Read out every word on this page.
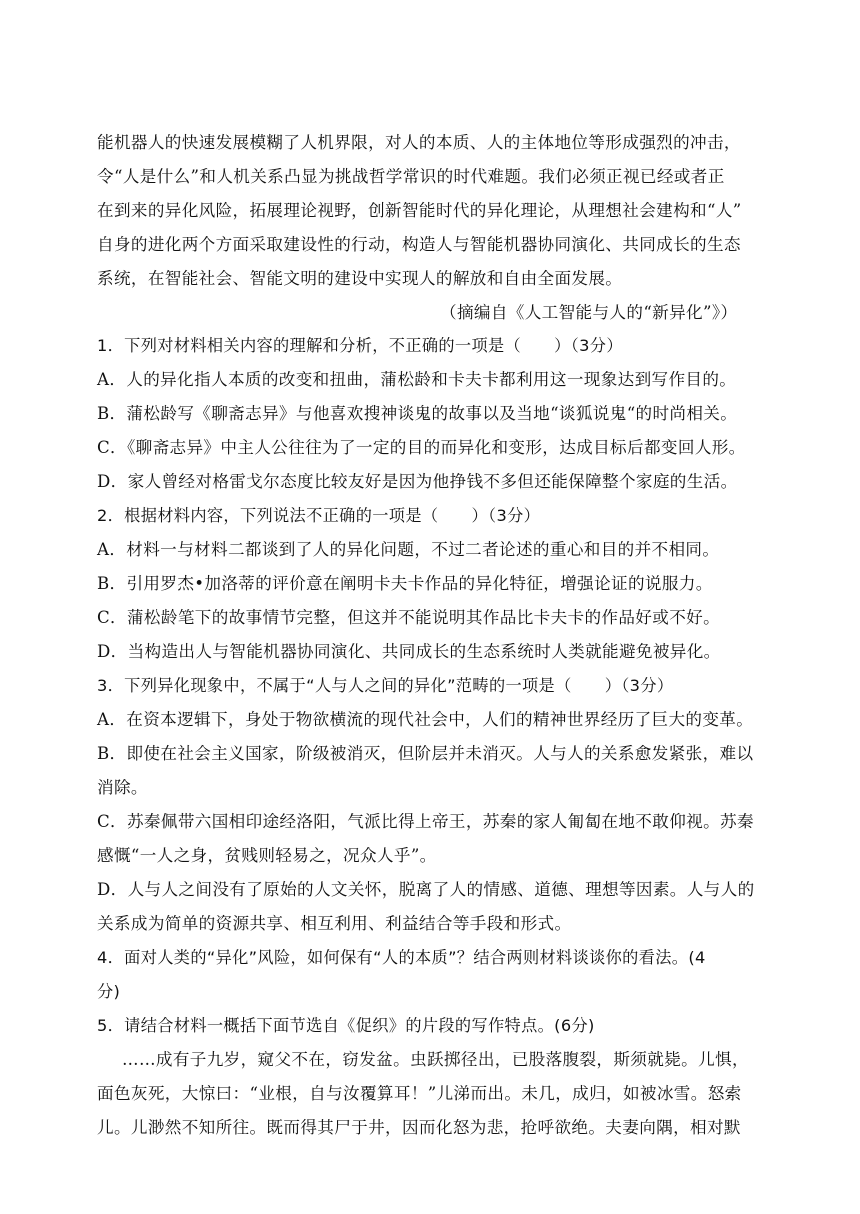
能机器人的快速发展模糊了人机界限，对人的本质、人的主体地位等形成强烈的冲击，
令“人是什么”和人机关系凸显为挑战哲学常识的时代难题。我们必须正视已经或者正
在到来的异化风险，拓展理论视野，创新智能时代的异化理论，从理想社会建构和“人”
自身的进化两个方面采取建设性的行动，构造人与智能机器协同演化、共同成长的生态
系统，在智能社会、智能文明的建设中实现人的解放和自由全面发展。
（摘编自《人工智能与人的“新异化”》）
1．下列对材料相关内容的理解和分析，不正确的一项是（　　）（3分）
A．人的异化指人本质的改变和扭曲，蒲松龄和卡夫卡都利用这一现象达到写作目的。
B．蒲松龄写《聊斋志异》与他喜欢搜神谈鬼的故事以及当地“谈狐说鬼“的时尚相关。
C．《聊斋志异》中主人公往往为了一定的目的而异化和变形，达成目标后都变回人形。
D．家人曾经对格雷戈尔态度比较友好是因为他挣钱不多但还能保障整个家庭的生活。
2．根据材料内容，下列说法不正确的一项是（　　）（3分）
A．材料一与材料二都谈到了人的异化问题，不过二者论述的重心和目的并不相同。
B．引用罗杰•加洛蒂的评价意在阐明卡夫卡作品的异化特征，增强论证的说服力。
C．蒲松龄笔下的故事情节完整，但这并不能说明其作品比卡夫卡的作品好或不好。
D．当构造出人与智能机器协同演化、共同成长的生态系统时人类就能避免被异化。
3．下列异化现象中，不属于“人与人之间的异化”范畴的一项是（　　）（3分）
A．在资本逻辑下，身处于物欲横流的现代社会中，人们的精神世界经历了巨大的变革。
B．即使在社会主义国家，阶级被消灭，但阶层并未消灭。人与人的关系愈发紧张，难以
消除。
C．苏秦佩带六国相印途经洛阳，气派比得上帝王，苏秦的家人匍匐在地不敢仰视。苏秦
感慨“一人之身，贫贱则轻易之，况众人乎”。
D．人与人之间没有了原始的人文关怀，脱离了人的情感、道德、理想等因素。人与人的
关系成为简单的资源共享、相互利用、利益结合等手段和形式。
4．面对人类的“异化”风险，如何保有“人的本质”？结合两则材料谈谈你的看法。(4
分)
5．请结合材料一概括下面节选自《促织》的片段的写作特点。(6分)
……成有子九岁，窥父不在，窃发盆。虫跃掷径出，已股落腹裂，斯须就毙。儿惧，
面色灰死，大惊曰：“业根，自与汝覆算耳！”儿涕而出。未几，成归，如被冰雪。怒索
儿。儿渺然不知所往。既而得其尸于井，因而化怒为悲，抢呼欲绝。夫妻向隅，相对默
